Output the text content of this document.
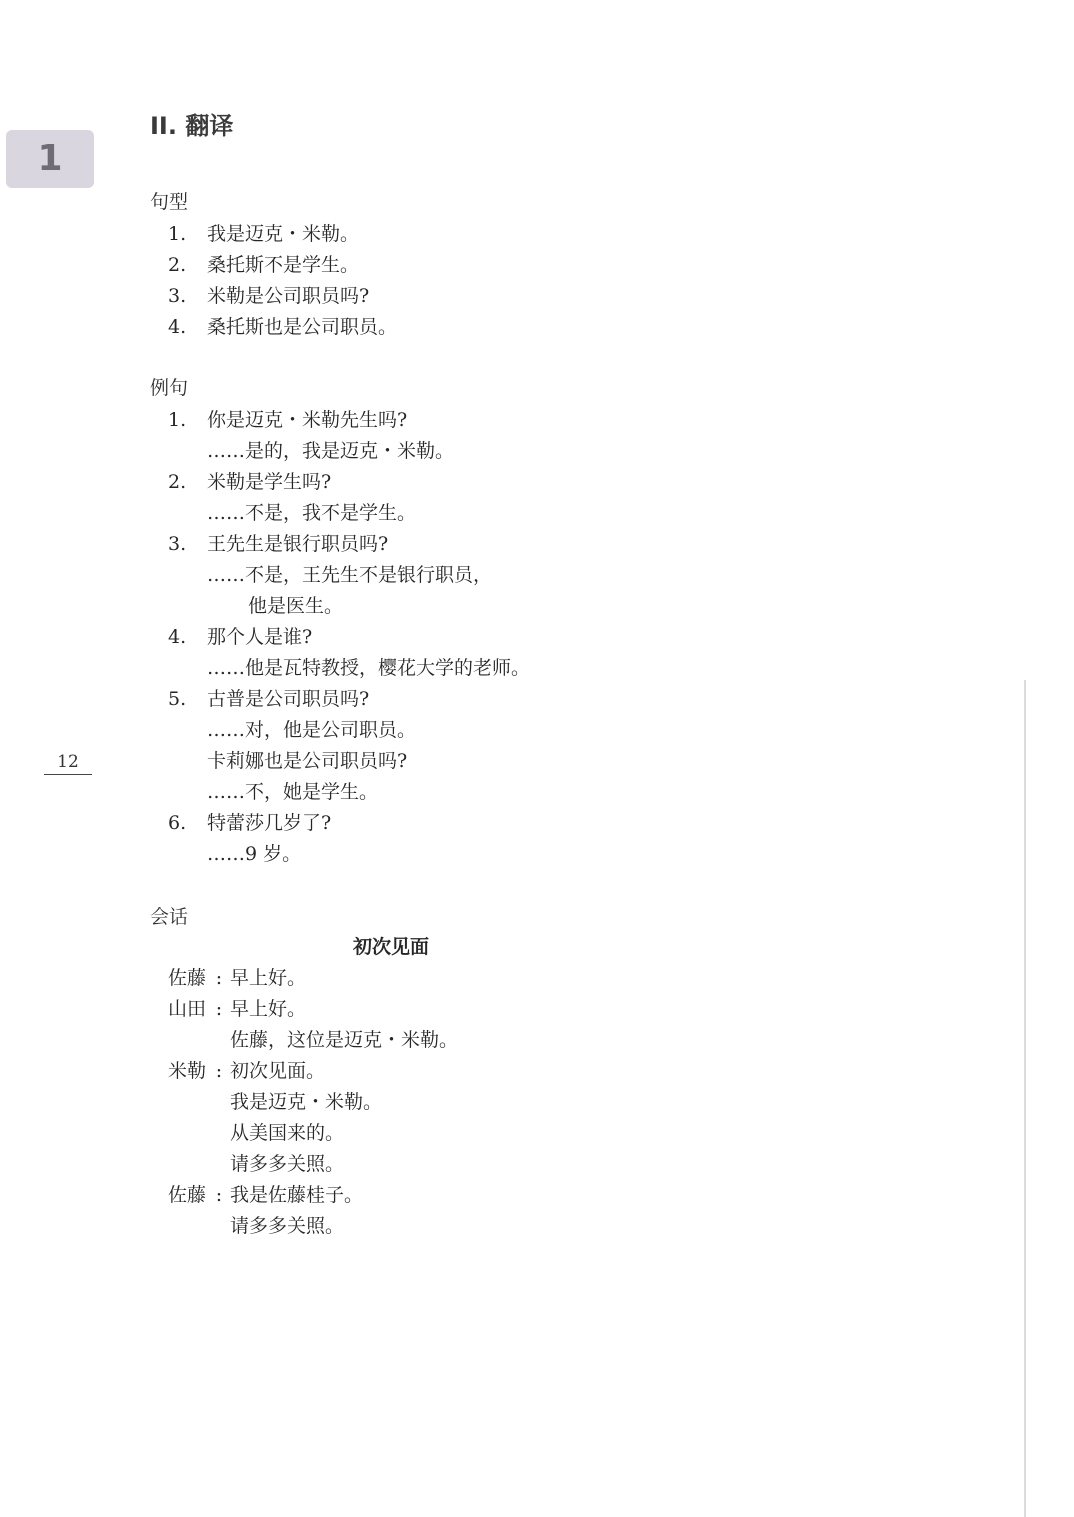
1
II. 翻译
12
句型
1.	我是迈克・米勒。
2.	桑托斯不是学生。
3.	米勒是公司职员吗?
4.	桑托斯也是公司职员。
例句
1.	你是迈克・米勒先生吗?
……是的，我是迈克・米勒。
2.	米勒是学生吗?
……不是，我不是学生。
3.	王先生是银行职员吗?
……不是，王先生不是银行职员，
他是医生。
4.	那个人是谁?
……他是瓦特教授，樱花大学的老师。
5.	古普是公司职员吗?
……对，他是公司职员。
卡莉娜也是公司职员吗?
……不，她是学生。
6.	特蕾莎几岁了?
……9 岁。
会话
初次见面
佐藤 : 早上好。
山田 : 早上好。
佐藤，这位是迈克・米勒。
米勒 : 初次见面。
我是迈克・米勒。
从美国来的。
请多多关照。
佐藤 : 我是佐藤桂子。
请多多关照。
